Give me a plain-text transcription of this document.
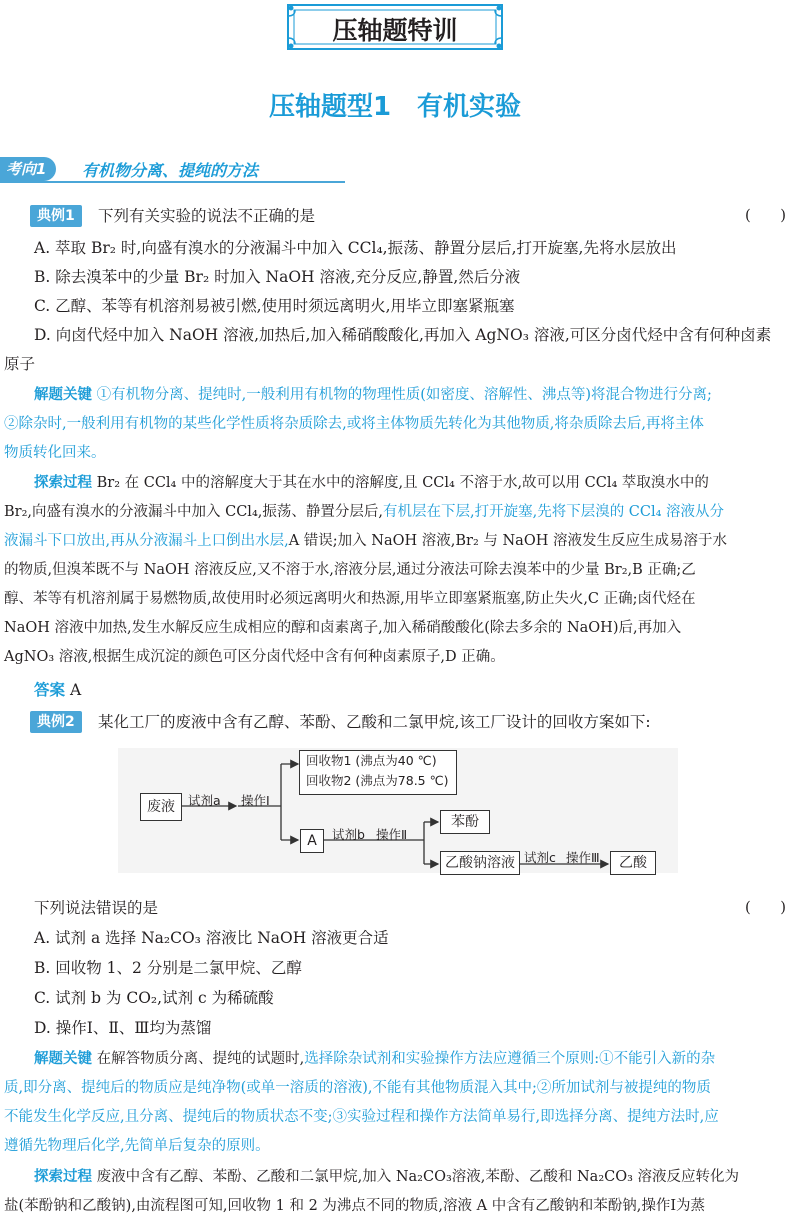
压轴题特训
压轴题型1　有机实验
考向1	有机物分离、提纯的方法
典例1	下列有关实验的说法不正确的是	(　　)
A. 萃取 Br₂ 时,向盛有溴水的分液漏斗中加入 CCl₄,振荡、静置分层后,打开旋塞,先将水层放出
B. 除去溴苯中的少量 Br₂ 时加入 NaOH 溶液,充分反应,静置,然后分液
C. 乙醇、苯等有机溶剂易被引燃,使用时须远离明火,用毕立即塞紧瓶塞
D. 向卤代烃中加入 NaOH 溶液,加热后,加入稀硝酸酸化,再加入 AgNO₃ 溶液,可区分卤代烃中含有何种卤素
原子
解题关键 ①有机物分离、提纯时,一般利用有机物的物理性质(如密度、溶解性、沸点等)将混合物进行分离;
②除杂时,一般利用有机物的某些化学性质将杂质除去,或将主体物质先转化为其他物质,将杂质除去后,再将主体
物质转化回来。
探索过程 Br₂ 在 CCl₄ 中的溶解度大于其在水中的溶解度,且 CCl₄ 不溶于水,故可以用 CCl₄ 萃取溴水中的
Br₂,向盛有溴水的分液漏斗中加入 CCl₄,振荡、静置分层后,有机层在下层,打开旋塞,先将下层溴的 CCl₄ 溶液从分
液漏斗下口放出,再从分液漏斗上口倒出水层,A 错误;加入 NaOH 溶液,Br₂ 与 NaOH 溶液发生反应生成易溶于水
的物质,但溴苯既不与 NaOH 溶液反应,又不溶于水,溶液分层,通过分液法可除去溴苯中的少量 Br₂,B 正确;乙
醇、苯等有机溶剂属于易燃物质,故使用时必须远离明火和热源,用毕立即塞紧瓶塞,防止失火,C 正确;卤代烃在
NaOH 溶液中加热,发生水解反应生成相应的醇和卤素离子,加入稀硝酸酸化(除去多余的 NaOH)后,再加入
AgNO₃ 溶液,根据生成沉淀的颜色可区分卤代烃中含有何种卤素原子,D 正确。
答案 A
典例2	某化工厂的废液中含有乙醇、苯酚、乙酸和二氯甲烷,该工厂设计的回收方案如下:
废液	试剂a 操作Ⅰ
回收物1 (沸点为40 ℃)
回收物2 (沸点为78.5 ℃)
A	试剂b 操作Ⅱ
苯酚
乙酸钠溶液 试剂c 操作Ⅲ	乙酸
下列说法错误的是	(　　)
A. 试剂 a 选择 Na₂CO₃ 溶液比 NaOH 溶液更合适
B. 回收物 1、2 分别是二氯甲烷、乙醇
C. 试剂 b 为 CO₂,试剂 c 为稀硫酸
D. 操作Ⅰ、Ⅱ、Ⅲ均为蒸馏
解题关键 在解答物质分离、提纯的试题时,选择除杂试剂和实验操作方法应遵循三个原则:①不能引入新的杂
质,即分离、提纯后的物质应是纯净物(或单一溶质的溶液),不能有其他物质混入其中;②所加试剂与被提纯的物质
不能发生化学反应,且分离、提纯后的物质状态不变;③实验过程和操作方法简单易行,即选择分离、提纯方法时,应
遵循先物理后化学,先简单后复杂的原则。
探索过程 废液中含有乙醇、苯酚、乙酸和二氯甲烷,加入 Na₂CO₃溶液,苯酚、乙酸和 Na₂CO₃ 溶液反应转化为
盐(苯酚钠和乙酸钠),由流程图可知,回收物 1 和 2 为沸点不同的物质,溶液 A 中含有乙酸钠和苯酚钠,操作Ⅰ为蒸
